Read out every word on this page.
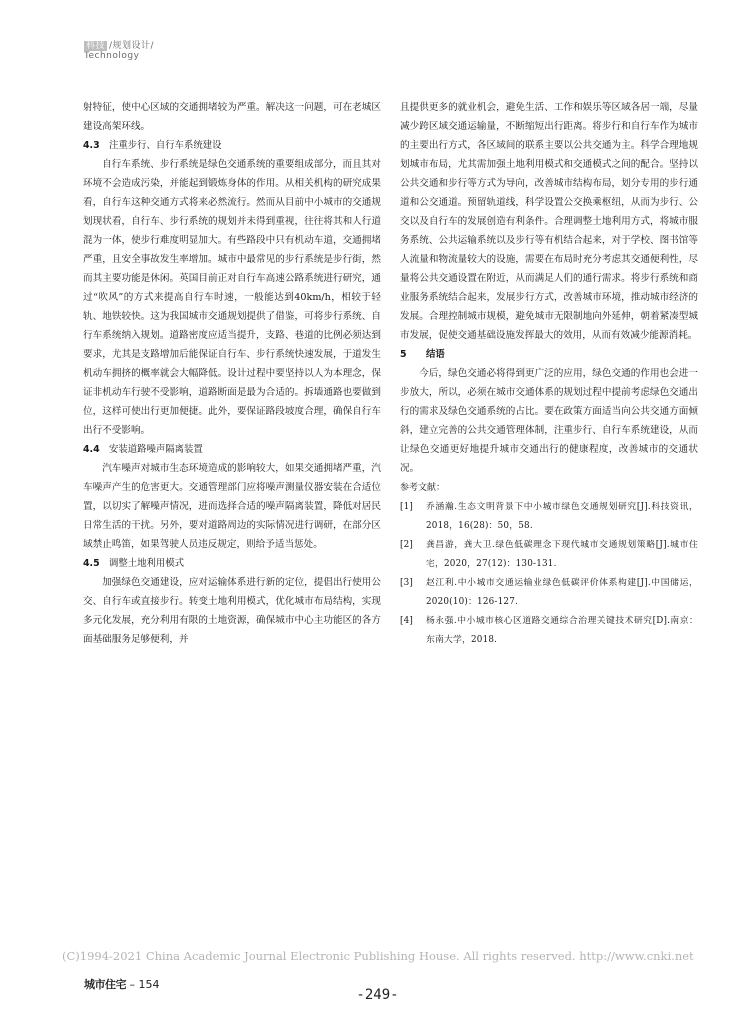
科技 /规划设计/
Technology
射特征，使中心区域的交通拥堵较为严重。解决这一问题，可在老城区建设高架环线。
4.3 注重步行、自行车系统建设
自行车系统、步行系统是绿色交通系统的重要组成部分，而且其对环境不会造成污染，并能起到锻炼身体的作用。从相关机构的研究成果看，自行车这种交通方式将来必然流行。然而从目前中小城市的交通规划现状看，自行车、步行系统的规划并未得到重视，往往将其和人行道混为一体，使步行难度明显加大。有些路段中只有机动车道，交通拥堵严重，且安全事故发生率增加。城市中最常见的步行系统是步行街，然而其主要功能是休闲。英国目前正对自行车高速公路系统进行研究，通过“吹风”的方式来提高自行车时速，一般能达到40km/h，相较于轻轨、地铁较快。这为我国城市交通规划提供了借鉴，可将步行系统、自行车系统纳入规划。道路密度应适当提升，支路、巷道的比例必须达到要求，尤其是支路增加后能保证自行车、步行系统快速发展，于道发生机动车拥挤的概率就会大幅降低。设计过程中要坚持以人为本理念，保证非机动车行驶不受影响，道路断面是最为合适的。拆墙通路也要做到位，这样可使出行更加便捷。此外，要保证路段坡度合理，确保自行车出行不受影响。
4.4 安装道路噪声隔离装置
汽车噪声对城市生态环境造成的影响较大，如果交通拥堵严重，汽车噪声产生的危害更大。交通管理部门应将噪声测量仪器安装在合适位置，以切实了解噪声情况，进而选择合适的噪声隔离装置，降低对居民日常生活的干扰。另外，要对道路周边的实际情况进行调研，在部分区域禁止鸣笛，如果驾驶人员违反规定，则给予适当惩处。
4.5 调整土地利用模式
加强绿色交通建设，应对运输体系进行新的定位，提倡出行使用公交、自行车或直接步行。转变土地利用模式，优化城市布局结构，实现多元化发展，充分利用有限的土地资源，确保城市中心主功能区的各方面基础服务足够便利，并
且提供更多的就业机会，避免生活、工作和娱乐等区域各居一端，尽量减少跨区域交通运输量，不断缩短出行距离。将步行和自行车作为城市的主要出行方式，各区域间的联系主要以公共交通为主。科学合理地规划城市布局，尤其需加强土地利用模式和交通模式之间的配合。坚持以公共交通和步行等方式为导向，改善城市结构布局，划分专用的步行通道和公交通道。预留轨道线，科学设置公交换乘枢纽，从而为步行、公交以及自行车的发展创造有利条件。合理调整土地利用方式，将城市服务系统、公共运输系统以及步行等有机结合起来，对于学校、图书馆等人流量和物流量较大的设施，需要在布局时充分考虑其交通便利性，尽量将公共交通设置在附近，从而满足人们的通行需求。将步行系统和商业服务系统结合起来，发展步行方式，改善城市环境，推动城市经济的发展。合理控制城市规模，避免城市无限制地向外延伸，朝着紧凑型城市发展，促使交通基础设施发挥最大的效用，从而有效减少能源消耗。
5 结语
今后，绿色交通必将得到更广泛的应用，绿色交通的作用也会进一步放大，所以，必须在城市交通体系的规划过程中提前考虑绿色交通出行的需求及绿色交通系统的占比。要在政策方面适当向公共交通方面倾斜，建立完善的公共交通管理体制，注重步行、自行车系统建设，从而让绿色交通更好地提升城市交通出行的健康程度，改善城市的交通状况。
参考文献：
[1] 乔涵瀚.生态文明背景下中小城市绿色交通规划研究[J].科技资讯，2018，16(28)：50，58.
[2] 龚昌游，龚大卫.绿色低碳理念下现代城市交通规划策略[J].城市住宅，2020，27(12)：130-131.
[3] 赵江利.中小城市交通运输业绿色低碳评价体系构建[J].中国储运，2020(10)：126-127.
[4] 杨永强.中小城市核心区道路交通综合治理关键技术研究[D].南京：东南大学，2018.
(C)1994-2021 China Academic Journal Electronic Publishing House. All rights reserved. http://www.cnki.net
城市住宅 – 154
-249-
